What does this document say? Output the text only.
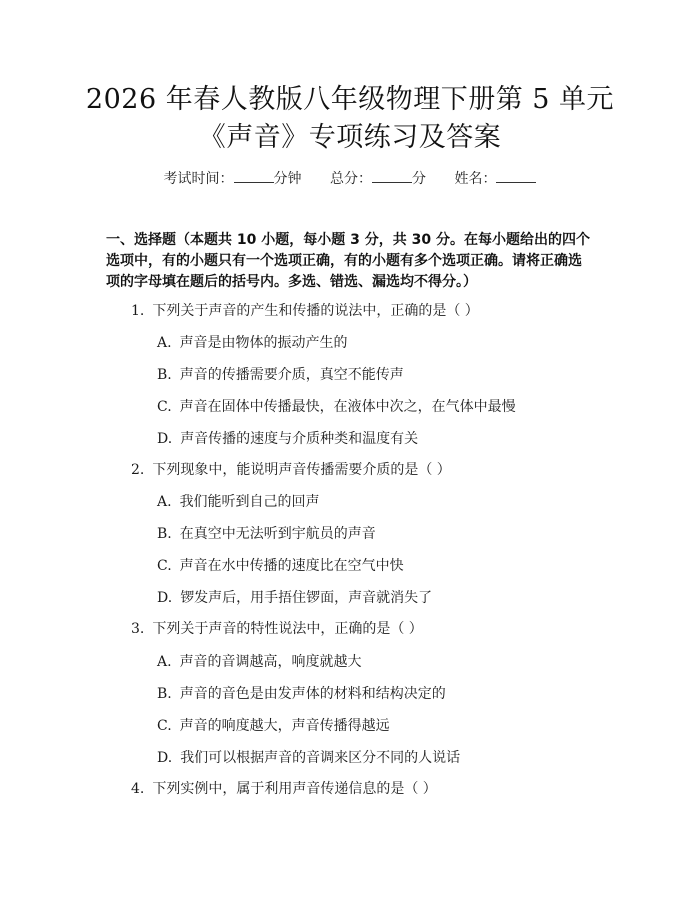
2026 年春人教版八年级物理下册第 5 单元
《声音》专项练习及答案
考试时间：	分钟 总分：	分 姓名：
一、选择题（本题共 10 小题，每小题 3 分，共 30 分。在每小题给出的四个选项中，有的小题只有一个选项正确，有的小题有多个选项正确。请将正确选项的字母填在题后的括号内。多选、错选、漏选均不得分。）
1. 下列关于声音的产生和传播的说法中，正确的是（ ）
A. 声音是由物体的振动产生的
B. 声音的传播需要介质，真空不能传声
C. 声音在固体中传播最快，在液体中次之，在气体中最慢
D. 声音传播的速度与介质种类和温度有关
2. 下列现象中，能说明声音传播需要介质的是（ ）
A. 我们能听到自己的回声
B. 在真空中无法听到宇航员的声音
C. 声音在水中传播的速度比在空气中快
D. 锣发声后，用手捂住锣面，声音就消失了
3. 下列关于声音的特性说法中，正确的是（ ）
A. 声音的音调越高，响度就越大
B. 声音的音色是由发声体的材料和结构决定的
C. 声音的响度越大，声音传播得越远
D. 我们可以根据声音的音调来区分不同的人说话
4. 下列实例中，属于利用声音传递信息的是（ ）
